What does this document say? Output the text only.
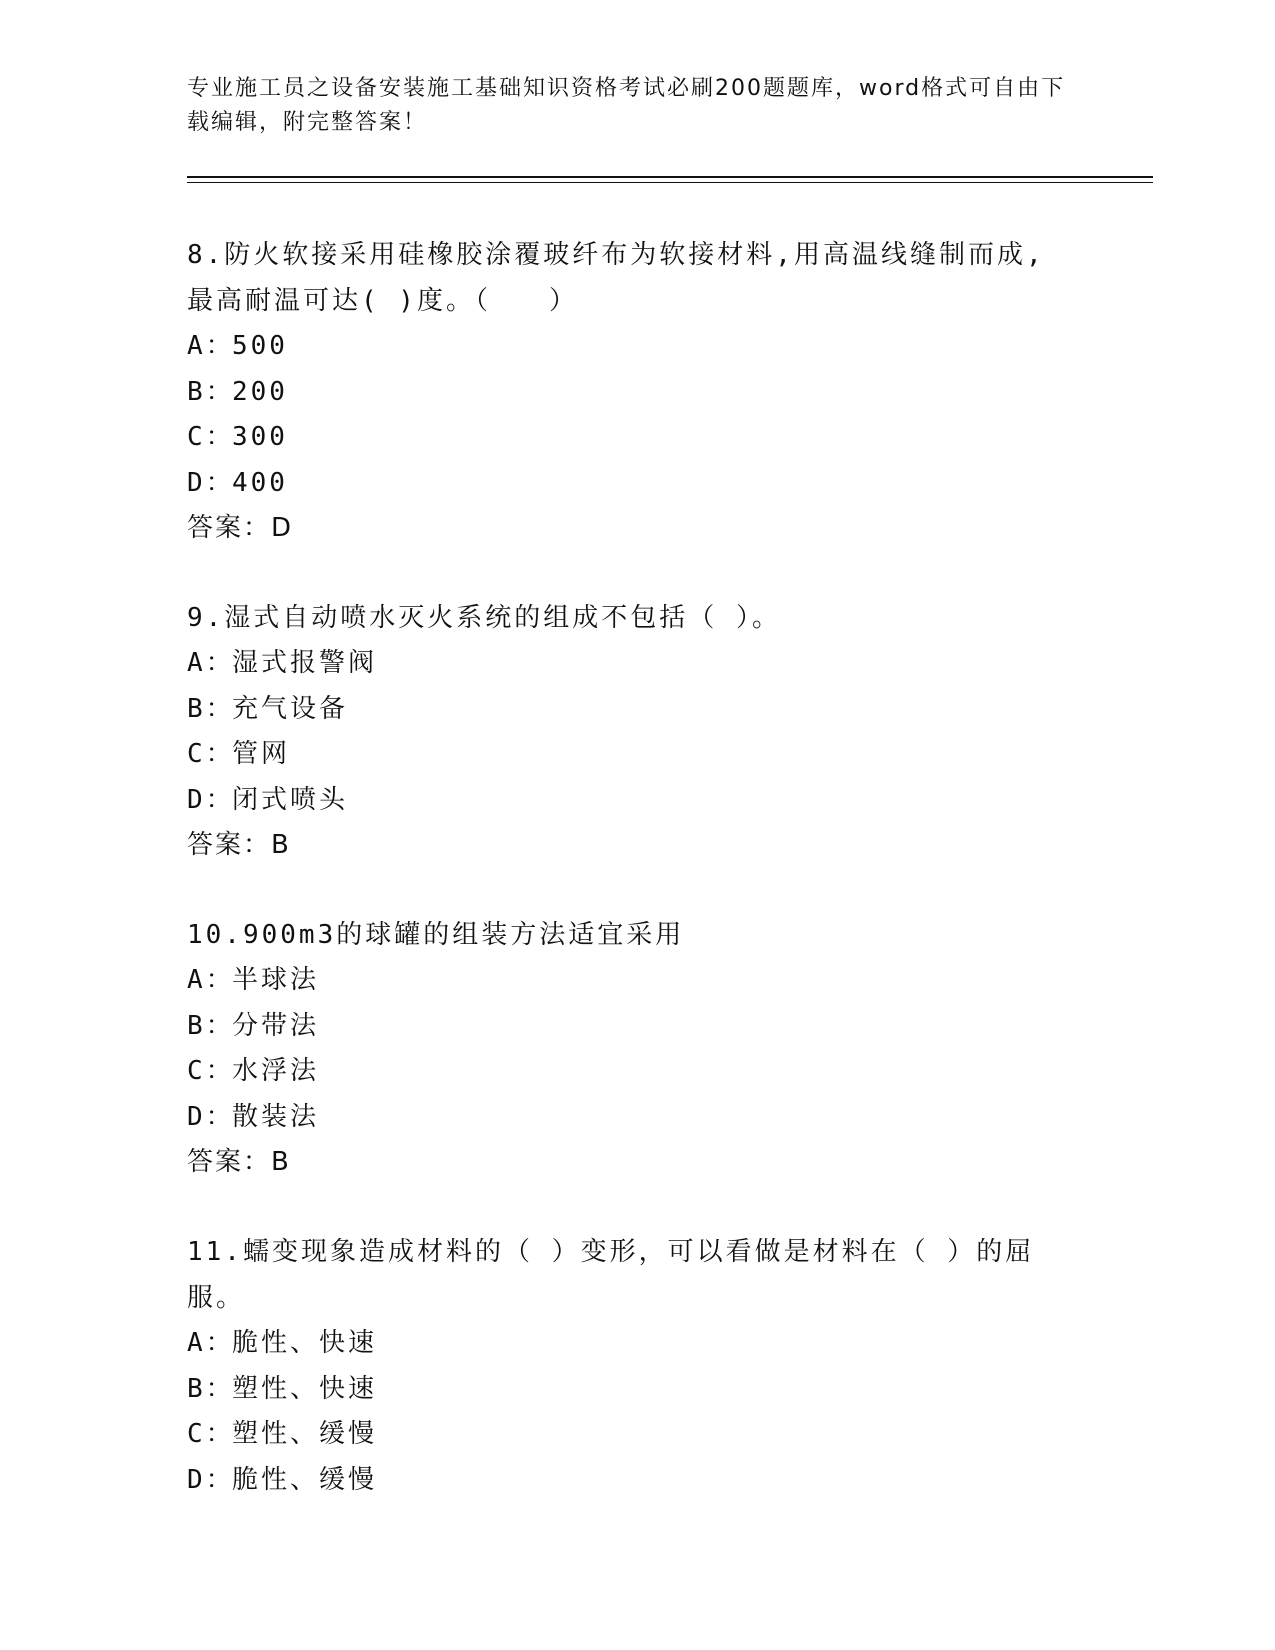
专业施工员之设备安装施工基础知识资格考试必刷200题题库，word格式可自由下载编辑，附完整答案！
8.防火软接采用硅橡胶涂覆玻纤布为软接材料,用高温线缝制而成,最高耐温可达( )度。（　　）
A：500
B：200
C：300
D：400
答案：D
9.湿式自动喷水灭火系统的组成不包括（ ）。
A：湿式报警阀
B：充气设备
C：管网
D：闭式喷头
答案：B
10.900m3的球罐的组装方法适宜采用
A：半球法
B：分带法
C：水浮法
D：散装法
答案：B
11.蠕变现象造成材料的（ ）变形，可以看做是材料在（ ）的屈服。
A：脆性、快速
B：塑性、快速
C：塑性、缓慢
D：脆性、缓慢
